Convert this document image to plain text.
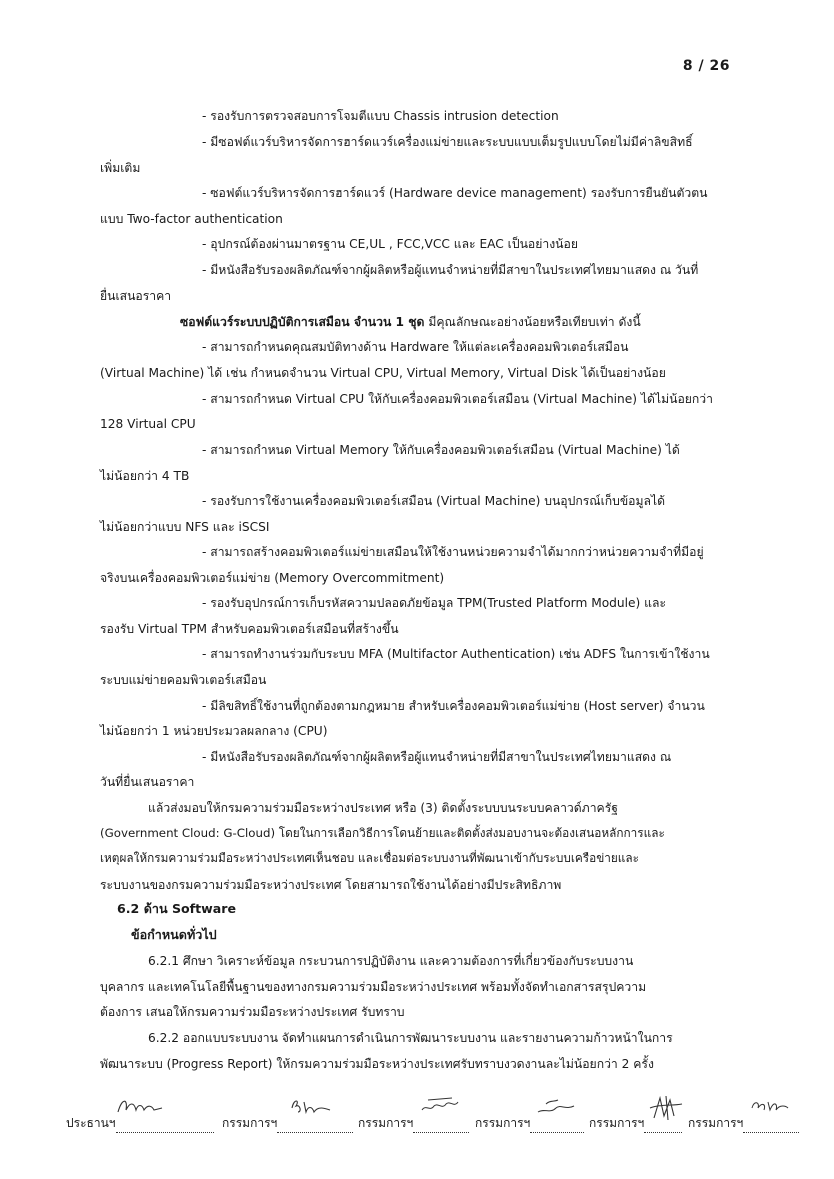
8 / 26
- รองรับการตรวจสอบการโจมตีแบบ Chassis intrusion detection
- มีซอฟต์แวร์บริหารจัดการฮาร์ดแวร์เครื่องแม่ข่ายและระบบแบบเต็มรูปแบบโดยไม่มีค่าลิขสิทธิ์
เพิ่มเติม
- ซอฟต์แวร์บริหารจัดการฮาร์ดแวร์ (Hardware device management) รองรับการยืนยันตัวตน
แบบ Two-factor authentication
- อุปกรณ์ต้องผ่านมาตรฐาน CE,UL , FCC,VCC และ EAC เป็นอย่างน้อย
- มีหนังสือรับรองผลิตภัณฑ์จากผู้ผลิตหรือผู้แทนจำหน่ายที่มีสาขาในประเทศไทยมาแสดง ณ วันที่
ยื่นเสนอราคา
ซอฟต์แวร์ระบบปฏิบัติการเสมือน จำนวน 1 ชุด มีคุณลักษณะอย่างน้อยหรือเทียบเท่า ดังนี้
- สามารถกำหนดคุณสมบัติทางด้าน Hardware ให้แต่ละเครื่องคอมพิวเตอร์เสมือน
(Virtual Machine) ได้ เช่น กำหนดจำนวน Virtual CPU, Virtual Memory, Virtual Disk ได้เป็นอย่างน้อย
- สามารถกำหนด Virtual CPU ให้กับเครื่องคอมพิวเตอร์เสมือน (Virtual Machine) ได้ไม่น้อยกว่า
128 Virtual CPU
- สามารถกำหนด Virtual Memory ให้กับเครื่องคอมพิวเตอร์เสมือน (Virtual Machine) ได้
ไม่น้อยกว่า 4 TB
- รองรับการใช้งานเครื่องคอมพิวเตอร์เสมือน (Virtual Machine) บนอุปกรณ์เก็บข้อมูลได้
ไม่น้อยกว่าแบบ NFS และ iSCSI
- สามารถสร้างคอมพิวเตอร์แม่ข่ายเสมือนให้ใช้งานหน่วยความจำได้มากกว่าหน่วยความจำที่มีอยู่
จริงบนเครื่องคอมพิวเตอร์แม่ข่าย (Memory Overcommitment)
- รองรับอุปกรณ์การเก็บรหัสความปลอดภัยข้อมูล TPM(Trusted Platform Module) และ
รองรับ Virtual TPM สำหรับคอมพิวเตอร์เสมือนที่สร้างขึ้น
- สามารถทำงานร่วมกับระบบ MFA (Multifactor Authentication) เช่น ADFS ในการเข้าใช้งาน
ระบบแม่ข่ายคอมพิวเตอร์เสมือน
- มีลิขสิทธิ์ใช้งานที่ถูกต้องตามกฎหมาย สำหรับเครื่องคอมพิวเตอร์แม่ข่าย (Host server) จำนวน
ไม่น้อยกว่า 1 หน่วยประมวลผลกลาง (CPU)
- มีหนังสือรับรองผลิตภัณฑ์จากผู้ผลิตหรือผู้แทนจำหน่ายที่มีสาขาในประเทศไทยมาแสดง ณ
วันที่ยื่นเสนอราคา
แล้วส่งมอบให้กรมความร่วมมือระหว่างประเทศ หรือ (3) ติดตั้งระบบบนระบบคลาวด์ภาครัฐ
(Government Cloud: G-Cloud) โดยในการเลือกวิธีการโดนย้ายและติดตั้งส่งมอบงานจะต้องเสนอหลักการและ
เหตุผลให้กรมความร่วมมือระหว่างประเทศเห็นชอบ และเชื่อมต่อระบบงานที่พัฒนาเข้ากับระบบเครือข่ายและ
ระบบงานของกรมความร่วมมือระหว่างประเทศ โดยสามารถใช้งานได้อย่างมีประสิทธิภาพ
6.2 ด้าน Software
ข้อกำหนดทั่วไป
6.2.1 ศึกษา วิเคราะห์ข้อมูล กระบวนการปฏิบัติงาน และความต้องการที่เกี่ยวข้องกับระบบงาน
บุคลากร และเทคโนโลยีพื้นฐานของทางกรมความร่วมมือระหว่างประเทศ พร้อมทั้งจัดทำเอกสารสรุปความ
ต้องการ เสนอให้กรมความร่วมมือระหว่างประเทศ รับทราบ
6.2.2 ออกแบบระบบงาน จัดทำแผนการดำเนินการพัฒนาระบบงาน และรายงานความก้าวหน้าในการ
พัฒนาระบบ (Progress Report) ให้กรมความร่วมมือระหว่างประเทศรับทราบงวดงานละไม่น้อยกว่า 2 ครั้ง
ประธานฯ	กรรมการฯ	กรรมการฯ	กรรมการฯ	กรรมการฯ	กรรมการฯ
